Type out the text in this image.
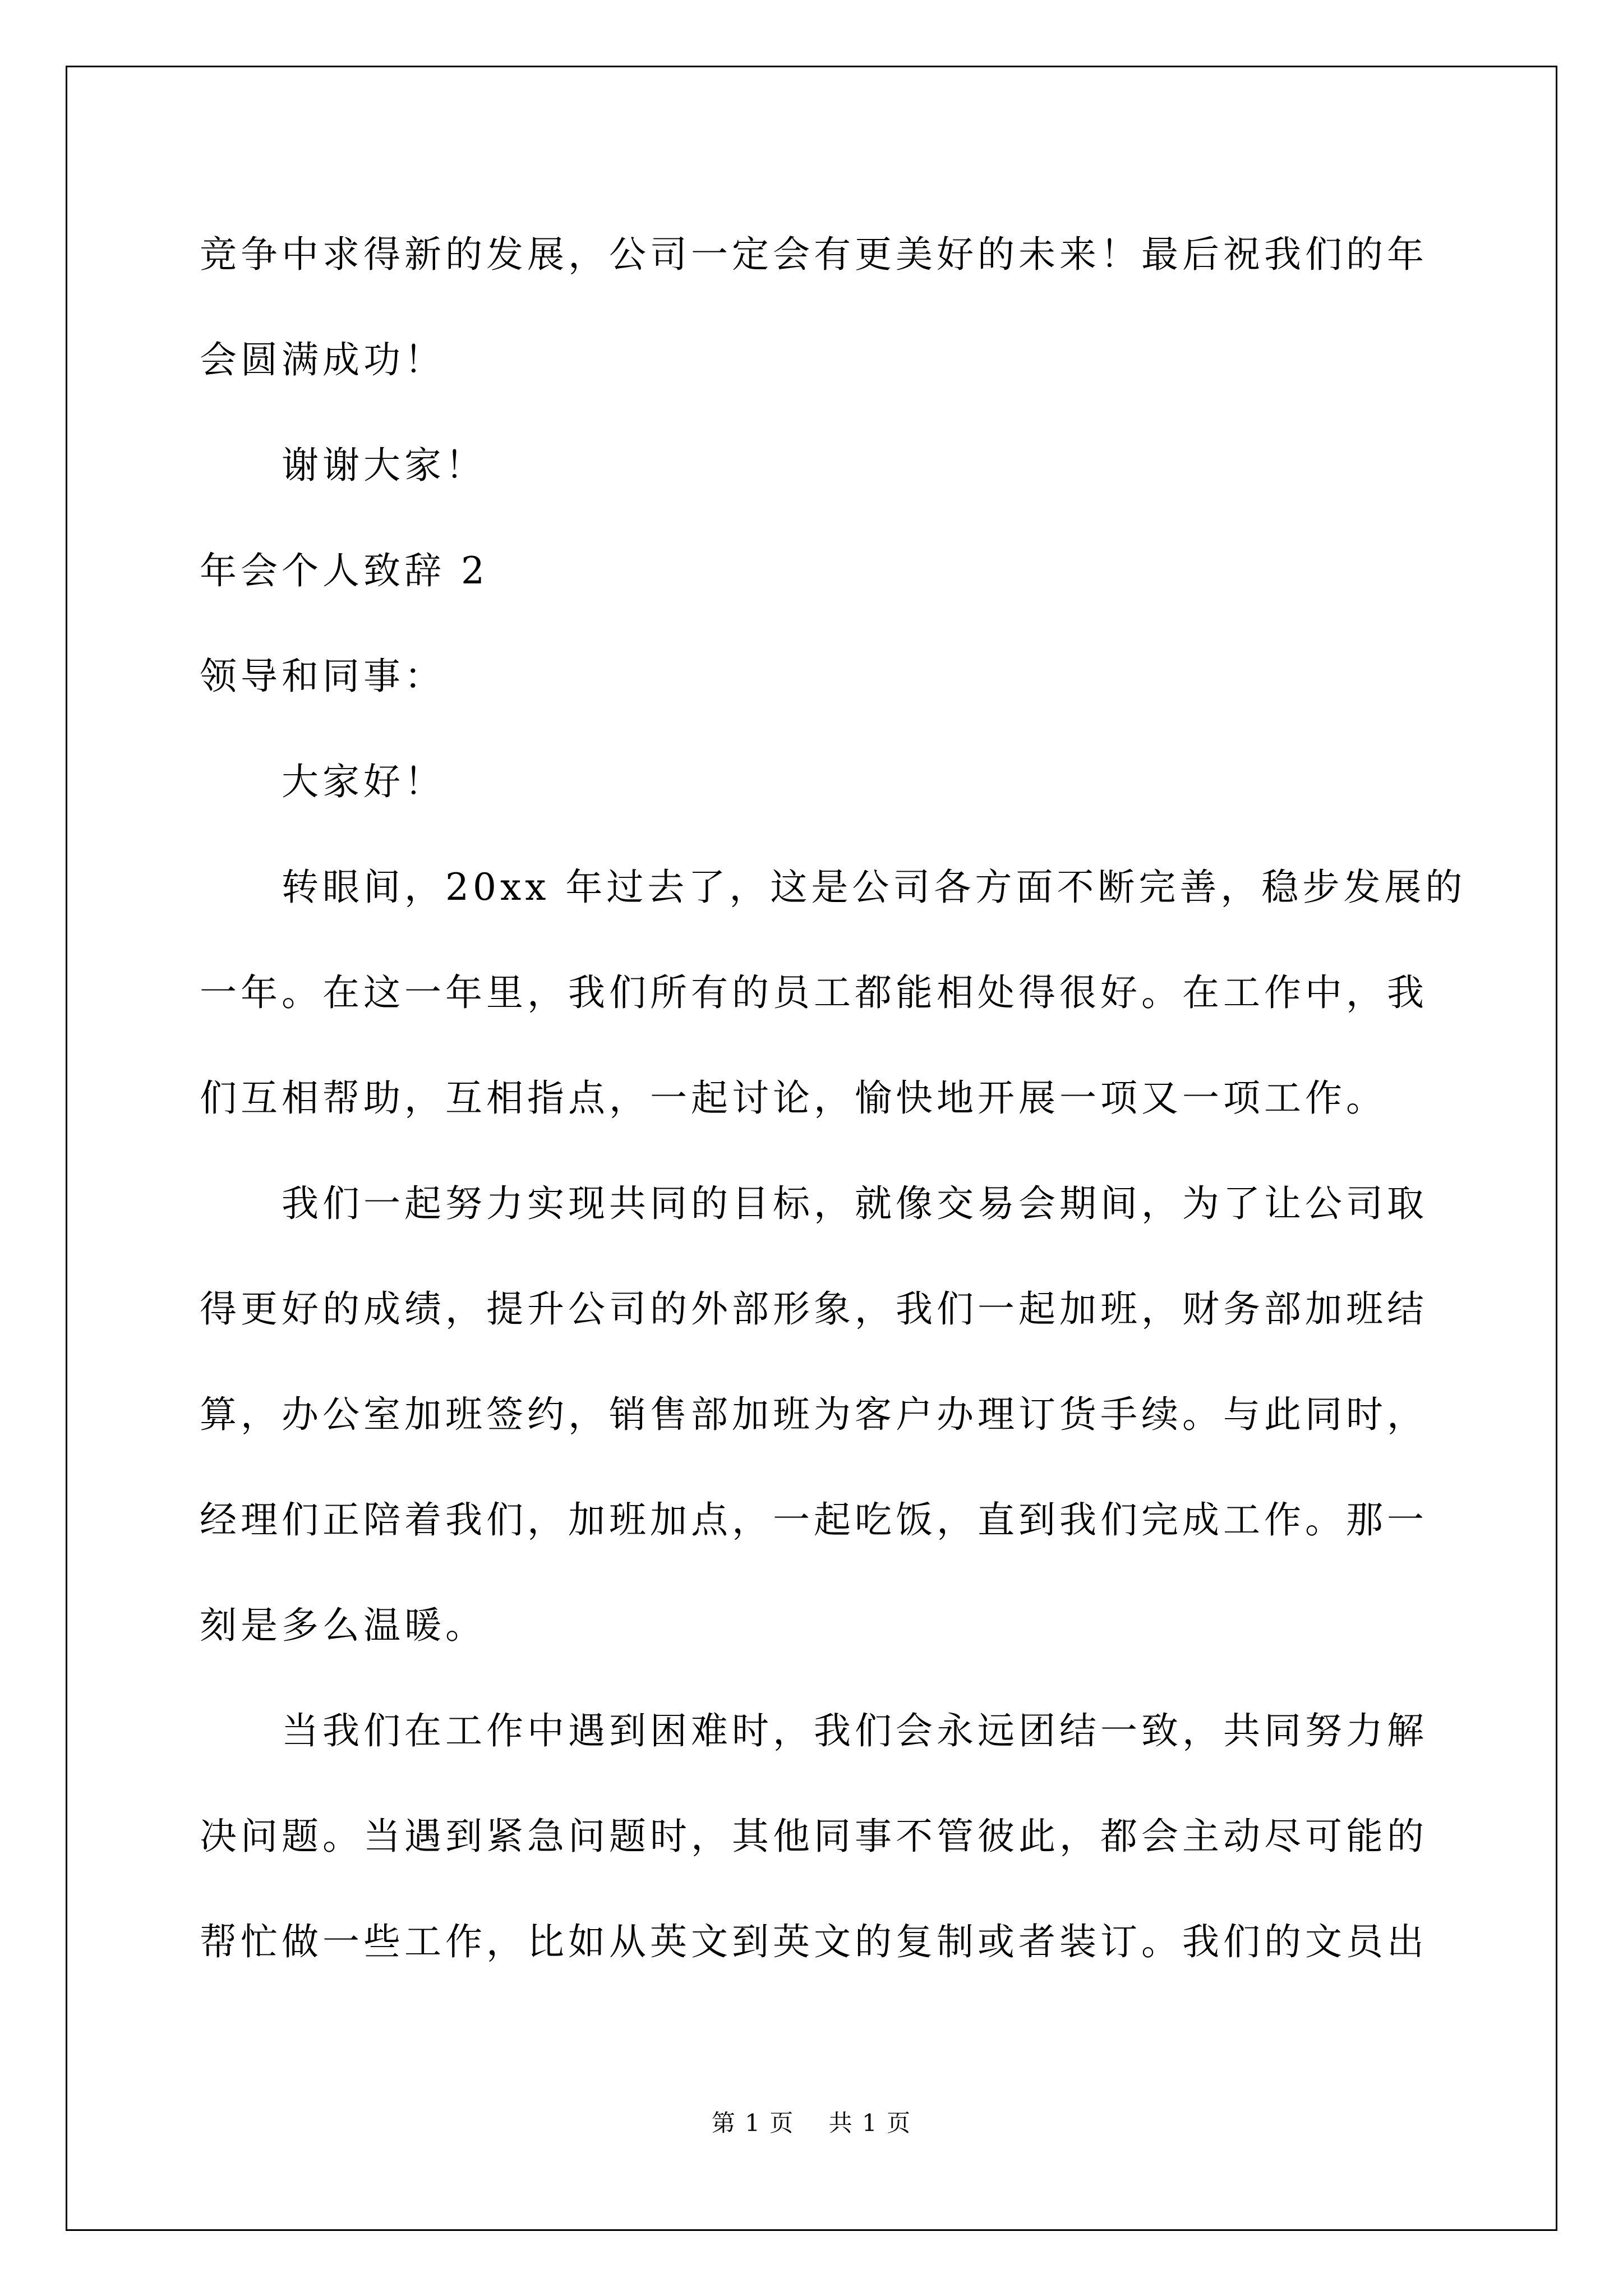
竞争中求得新的发展，公司一定会有更美好的未来！最后祝我们的年
会圆满成功！
谢谢大家！
年会个人致辞 2
领导和同事：
大家好！
转眼间，20xx 年过去了，这是公司各方面不断完善，稳步发展的
一年。在这一年里，我们所有的员工都能相处得很好。在工作中，我
们互相帮助，互相指点，一起讨论，愉快地开展一项又一项工作。
我们一起努力实现共同的目标，就像交易会期间，为了让公司取
得更好的成绩，提升公司的外部形象，我们一起加班，财务部加班结
算，办公室加班签约，销售部加班为客户办理订货手续。与此同时，
经理们正陪着我们，加班加点，一起吃饭，直到我们完成工作。那一
刻是多么温暖。
当我们在工作中遇到困难时，我们会永远团结一致，共同努力解
决问题。当遇到紧急问题时，其他同事不管彼此，都会主动尽可能的
帮忙做一些工作，比如从英文到英文的复制或者装订。我们的文员出
第 1 页 共 1 页
